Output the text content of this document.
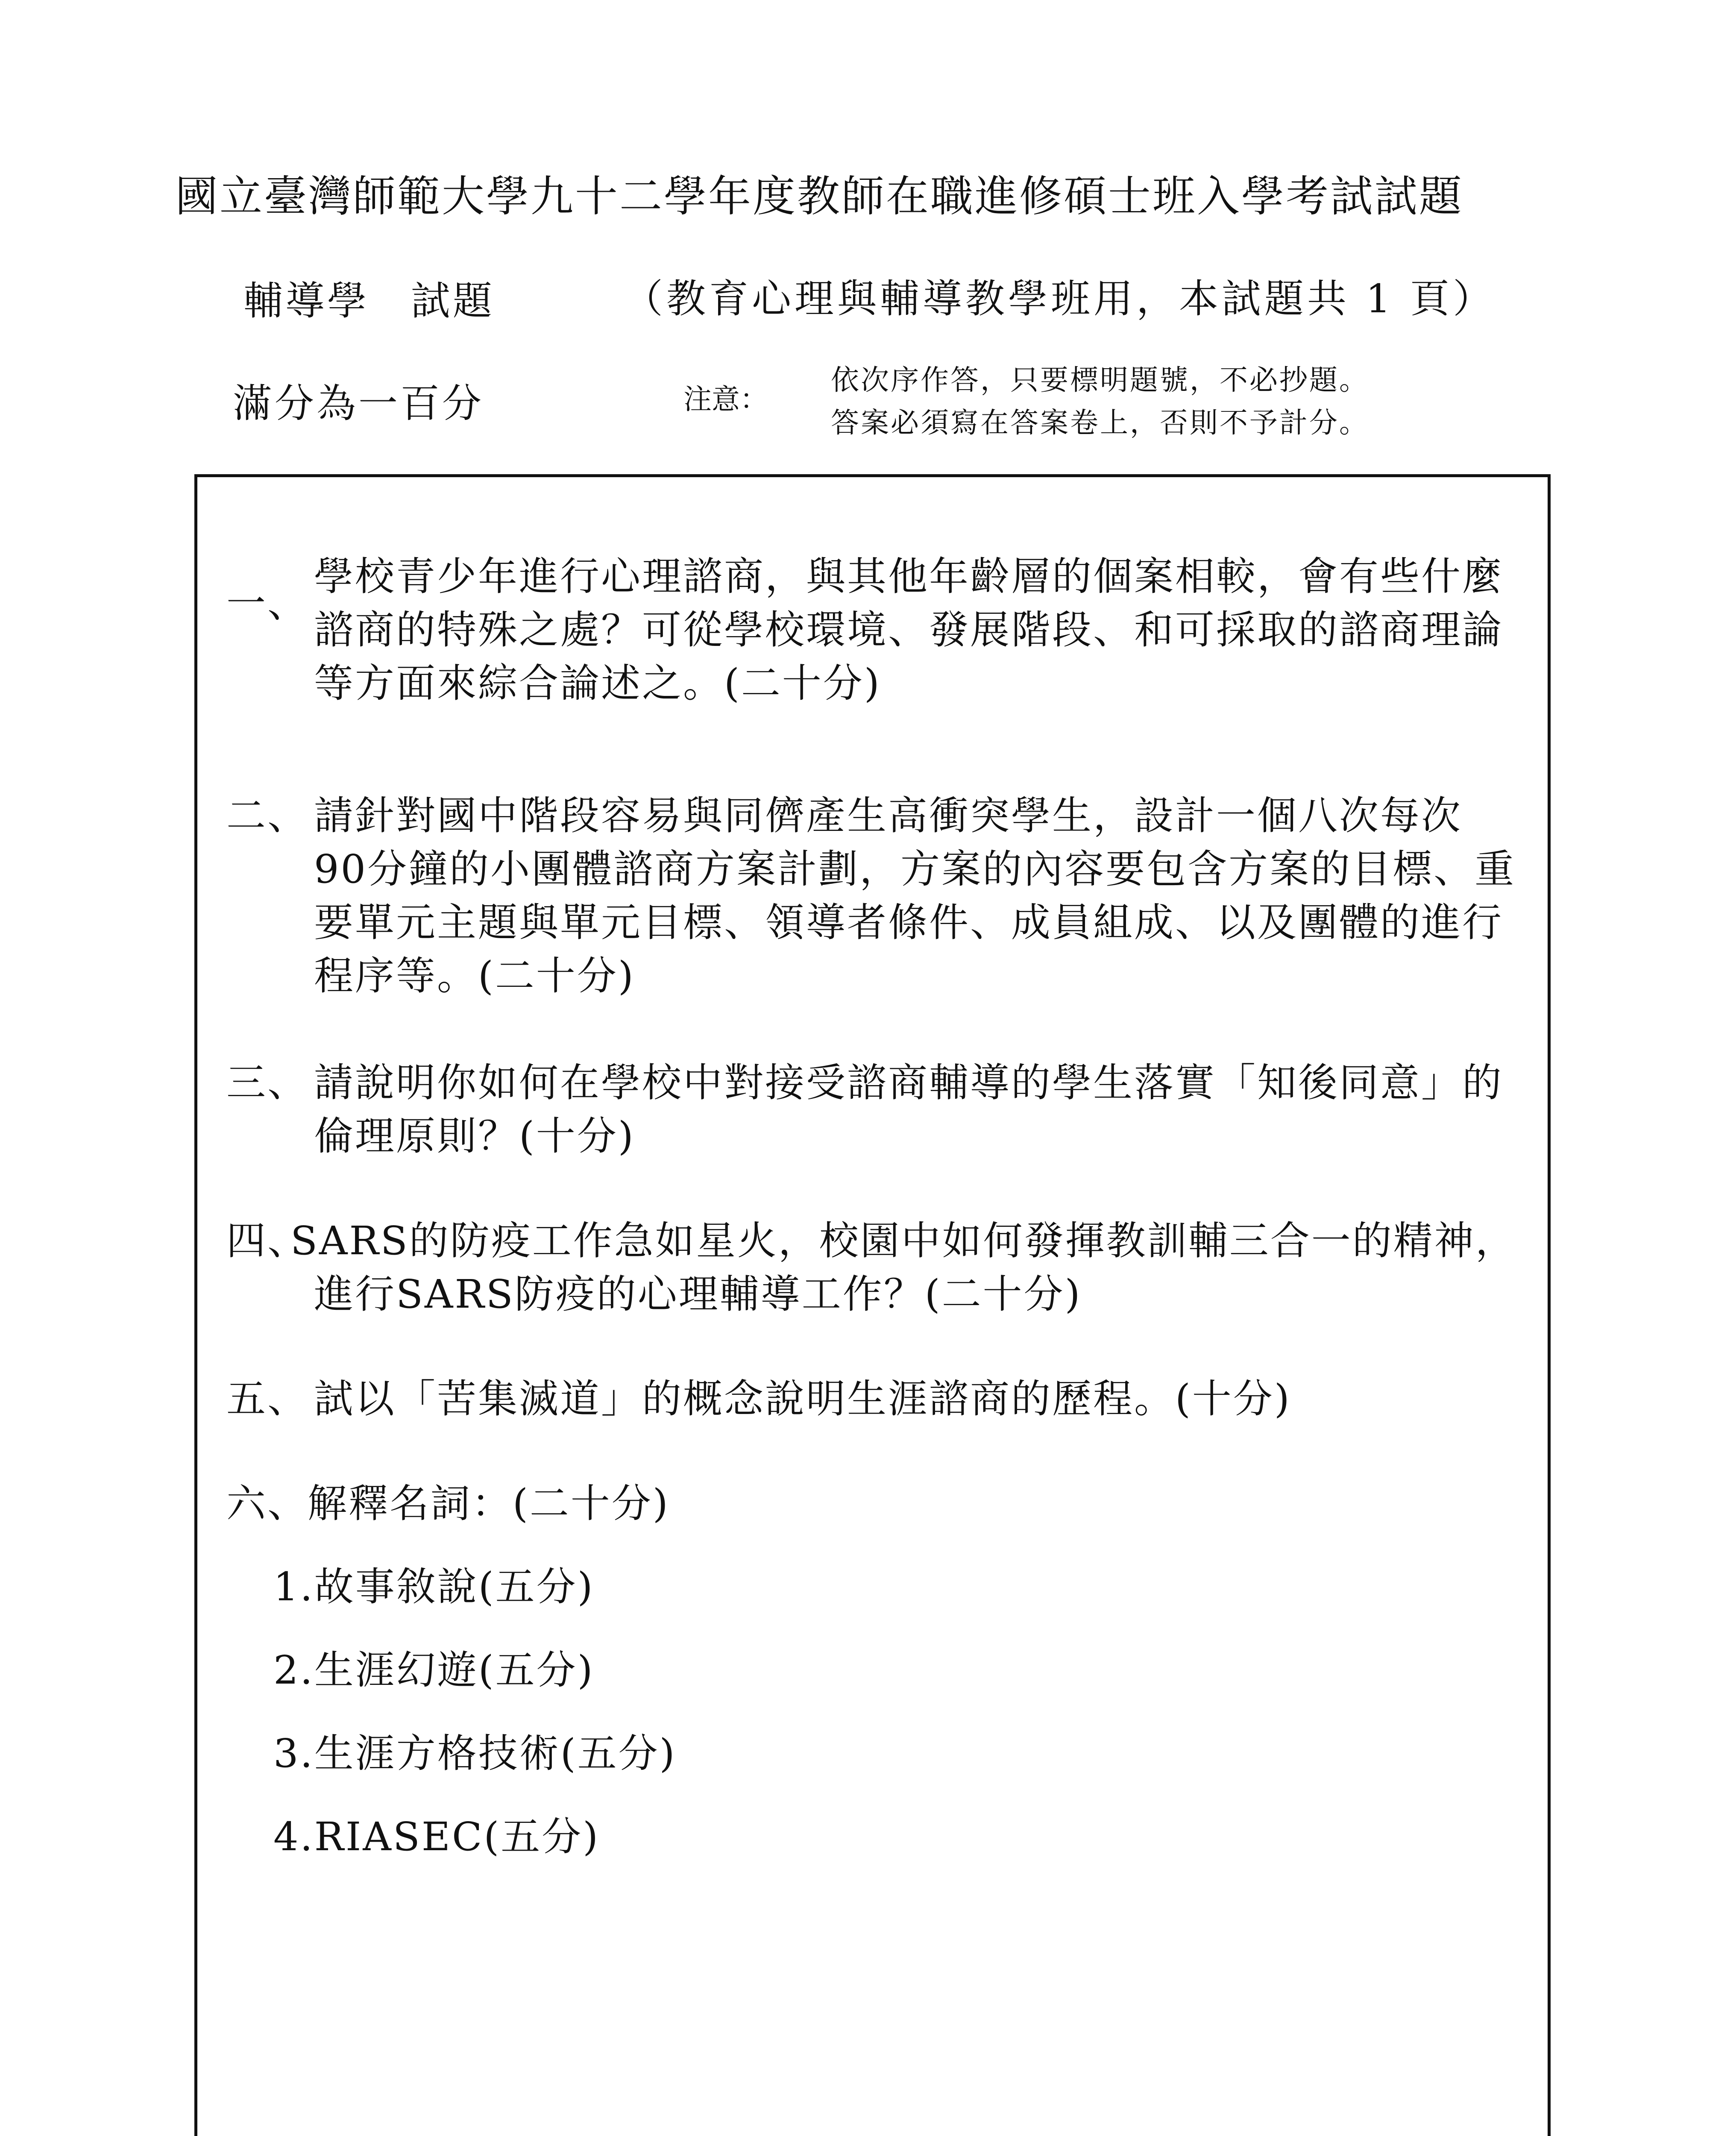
國立臺灣師範大學九十二學年度教師在職進修碩士班入學考試試題
輔導學　試題	（教育心理與輔導教學班用，本試題共 1 頁）
滿分為一百分	注意：
依次序作答，只要標明題號，不必抄題。
答案必須寫在答案卷上，否則不予計分。
一、
學校青少年進行心理諮商，與其他年齡層的個案相較，會有些什麼
諮商的特殊之處？可從學校環境、發展階段、和可採取的諮商理論
等方面來綜合論述之。(二十分)
二、 請針對國中階段容易與同儕產生高衝突學生，設計一個八次每次
90分鐘的小團體諮商方案計劃，方案的內容要包含方案的目標、重
要單元主題與單元目標、領導者條件、成員組成、以及團體的進行
程序等。(二十分)
三、 請說明你如何在學校中對接受諮商輔導的學生落實「知後同意」的
倫理原則？(十分)
四、
SARS的防疫工作急如星火，校園中如何發揮教訓輔三合一的精神，
進行SARS防疫的心理輔導工作？(二十分)
五、 試以「苦集滅道」的概念說明生涯諮商的歷程。(十分)
六、
解釋名詞：(二十分)
1.故事敘說(五分)
2.生涯幻遊(五分)
3.生涯方格技術(五分)
4.RIASEC(五分)
